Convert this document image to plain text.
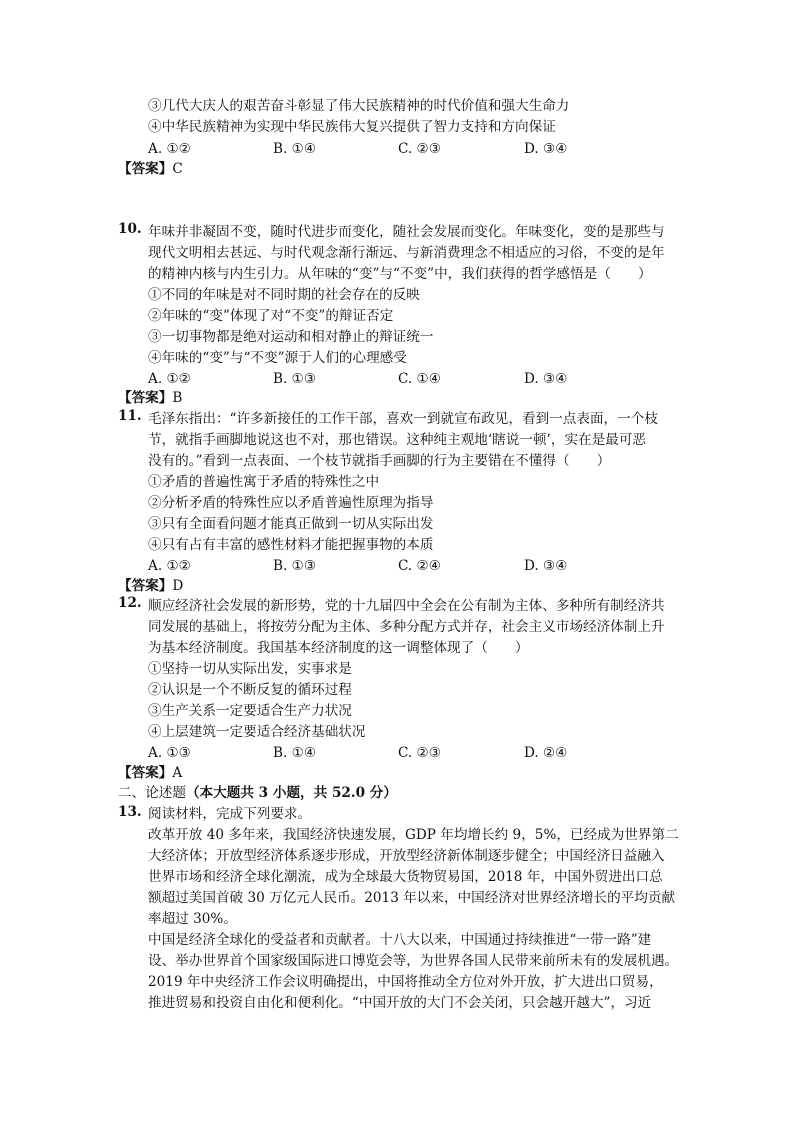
③几代大庆人的艰苦奋斗彰显了伟大民族精神的时代价值和强大生命力
④中华民族精神为实现中华民族伟大复兴提供了智力支持和方向保证
A. ①②	B. ①④	C. ②③	D. ③④
【答案】C
10. 年味并非凝固不变，随时代进步而变化，随社会发展而变化。年味变化，变的是那些与
现代文明相去甚远、与时代观念渐行渐远、与新消费理念不相适应的习俗，不变的是年
的精神内核与内生引力。从年味的“变”与“不变”中，我们获得的哲学感悟是（　　）
①不同的年味是对不同时期的社会存在的反映
②年味的“变”体现了对“不变”的辩证否定
③一切事物都是绝对运动和相对静止的辩证统一
④年味的“变”与“不变”源于人们的心理感受
A. ①②	B. ①③	C. ①④	D. ③④
【答案】B
11. 毛泽东指出：“许多新接任的工作干部，喜欢一到就宣布政见，看到一点表面，一个枝
节，就指手画脚地说这也不对，那也错误。这种纯主观地‘瞎说一顿’，实在是最可恶
没有的。”看到一点表面、一个枝节就指手画脚的行为主要错在不懂得（　　）
①矛盾的普遍性寓于矛盾的特殊性之中
②分析矛盾的特殊性应以矛盾普遍性原理为指导
③只有全面看问题才能真正做到一切从实际出发
④只有占有丰富的感性材料才能把握事物的本质
A. ①②	B. ①③	C. ②④	D. ③④
【答案】D
12. 顺应经济社会发展的新形势，党的十九届四中全会在公有制为主体、多种所有制经济共
同发展的基础上，将按劳分配为主体、多种分配方式并存，社会主义市场经济体制上升
为基本经济制度。我国基本经济制度的这一调整体现了（　　）
①坚持一切从实际出发，实事求是
②认识是一个不断反复的循环过程
③生产关系一定要适合生产力状况
④上层建筑一定要适合经济基础状况
A. ①③	B. ①④	C. ②③	D. ②④
【答案】A
二、论述题（本大题共 3 小题，共 52.0 分）
13. 阅读材料，完成下列要求。
改革开放 40 多年来，我国经济快速发展，GDP 年均增长约 9，5%，已经成为世界第二
大经济体；开放型经济体系逐步形成，开放型经济新体制逐步健全；中国经济日益融入
世界市场和经济全球化潮流，成为全球最大货物贸易国，2018 年，中国外贸进出口总
额超过美国首破 30 万亿元人民币。2013 年以来，中国经济对世界经济增长的平均贡献
率超过 30%。
中国是经济全球化的受益者和贡献者。十八大以来，中国通过持续推进“一带一路”建
设、举办世界首个国家级国际进口博览会等，为世界各国人民带来前所未有的发展机遇。
2019 年中央经济工作会议明确提出，中国将推动全方位对外开放，扩大进出口贸易，
推进贸易和投资自由化和便利化。“中国开放的大门不会关闭，只会越开越大”，习近
